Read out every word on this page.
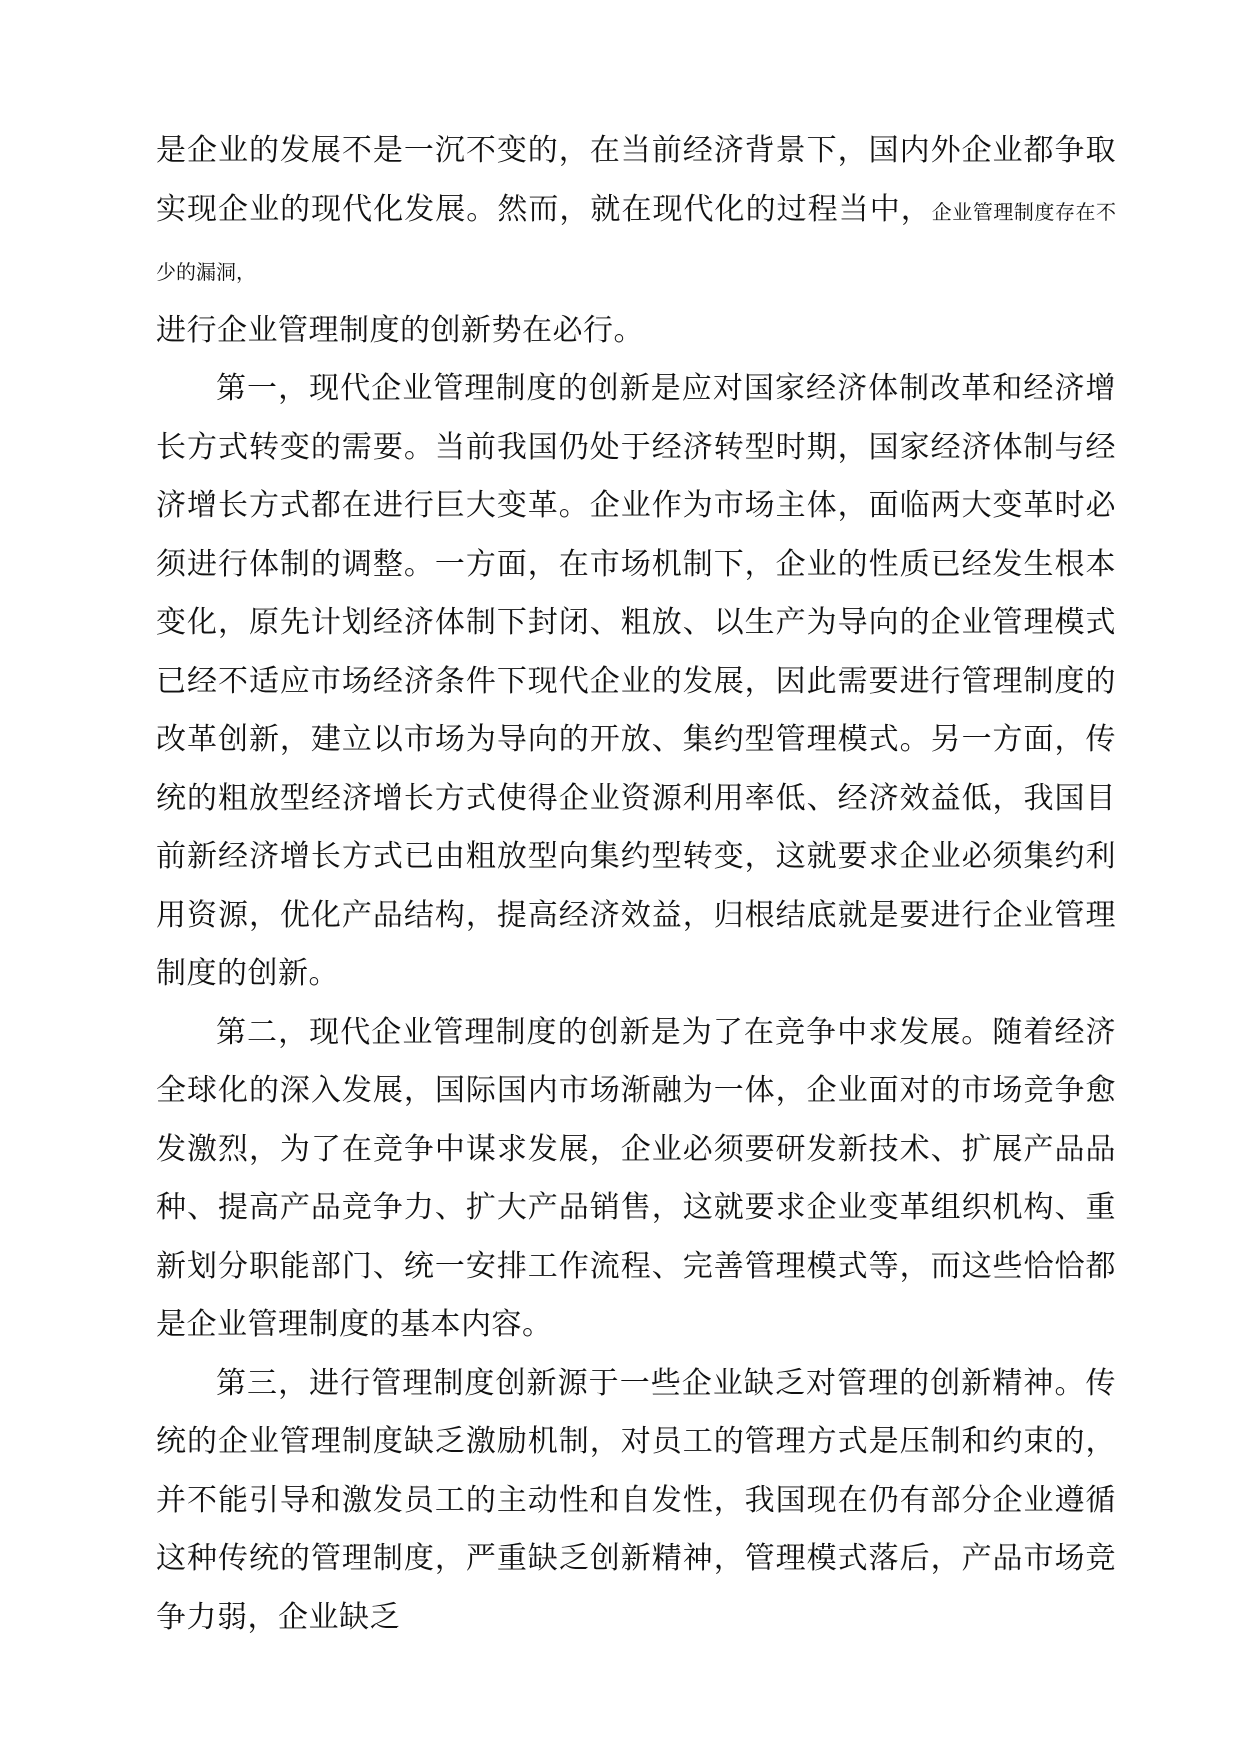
是企业的发展不是一沉不变的，在当前经济背景下，国内外企业都争取实现企业的现代化发展。然而，就在现代化的过程当中，企业管理制度存在不少的漏洞，
进行企业管理制度的创新势在必行。

第一，现代企业管理制度的创新是应对国家经济体制改革和经济增长方式转变的需要。当前我国仍处于经济转型时期，国家经济体制与经济增长方式都在进行巨大变革。企业作为市场主体，面临两大变革时必须进行体制的调整。一方面，在市场机制下，企业的性质已经发生根本变化，原先计划经济体制下封闭、粗放、以生产为导向的企业管理模式已经不适应市场经济条件下现代企业的发展，因此需要进行管理制度的改革创新，建立以市场为导向的开放、集约型管理模式。另一方面，传统的粗放型经济增长方式使得企业资源利用率低、经济效益低，我国目前新经济增长方式已由粗放型向集约型转变，这就要求企业必须集约利用资源，优化产品结构，提高经济效益，归根结底就是要进行企业管理制度的创新。

第二，现代企业管理制度的创新是为了在竞争中求发展。随着经济全球化的深入发展，国际国内市场渐融为一体，企业面对的市场竞争愈发激烈，为了在竞争中谋求发展，企业必须要研发新技术、扩展产品品种、提高产品竞争力、扩大产品销售，这就要求企业变革组织机构、重新划分职能部门、统一安排工作流程、完善管理模式等，而这些恰恰都是企业管理制度的基本内容。

第三，进行管理制度创新源于一些企业缺乏对管理的创新精神。传统的企业管理制度缺乏激励机制，对员工的管理方式是压制和约束的，并不能引导和激发员工的主动性和自发性，我国现在仍有部分企业遵循这种传统的管理制度，严重缺乏创新精神，管理模式落后，产品市场竞争力弱，企业缺乏
